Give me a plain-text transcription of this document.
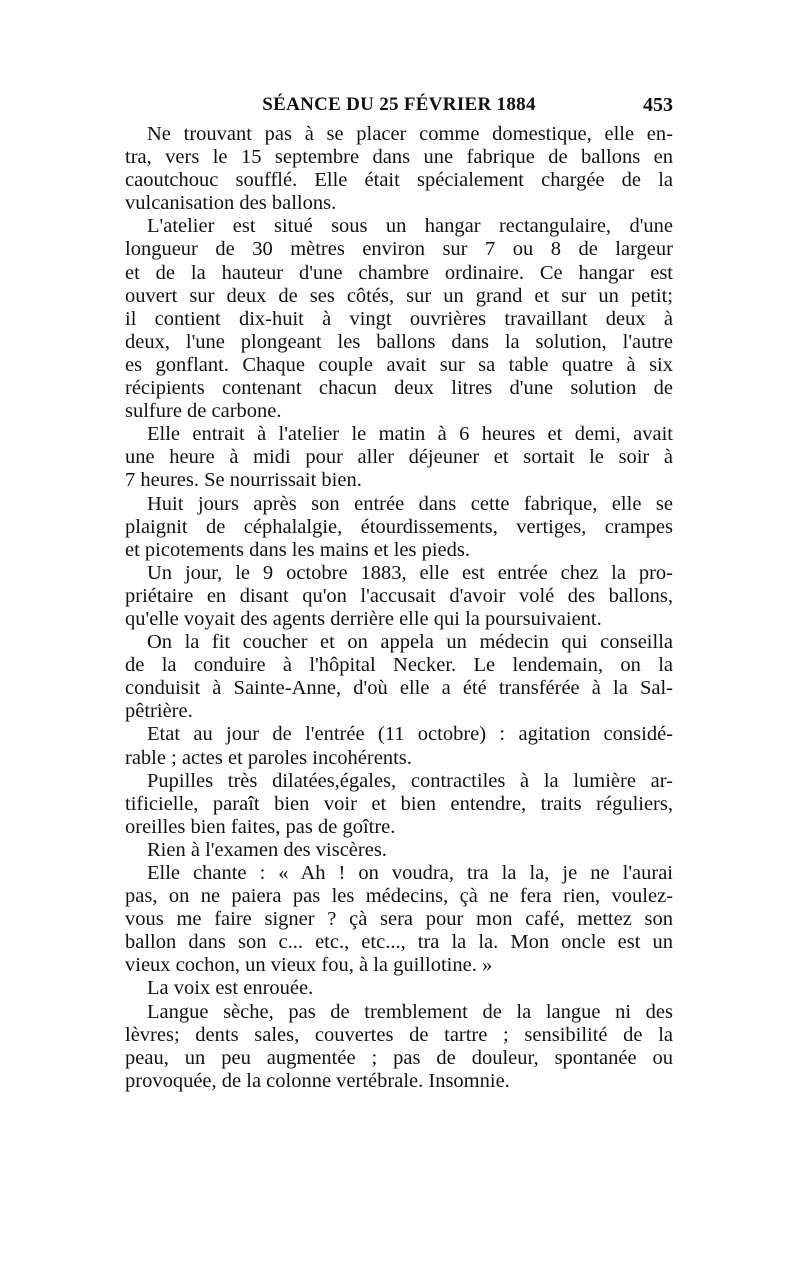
SÉANCE DU 25 FÉVRIER 1884	453
Ne trouvant pas à se placer comme domestique, elle en-
tra, vers le 15 septembre dans une fabrique de ballons en
caoutchouc soufflé. Elle était spécialement chargée de la
vulcanisation des ballons.
L'atelier est situé sous un hangar rectangulaire, d'une
longueur de 30 mètres environ sur 7 ou 8 de largeur
et de la hauteur d'une chambre ordinaire. Ce hangar est
ouvert sur deux de ses côtés, sur un grand et sur un petit;
il contient dix-huit à vingt ouvrières travaillant deux à
deux, l'une plongeant les ballons dans la solution, l'autre
es gonflant. Chaque couple avait sur sa table quatre à six
récipients contenant chacun deux litres d'une solution de
sulfure de carbone.
Elle entrait à l'atelier le matin à 6 heures et demi, avait
une heure à midi pour aller déjeuner et sortait le soir à
7 heures. Se nourrissait bien.
Huit jours après son entrée dans cette fabrique, elle se
plaignit de céphalalgie, étourdissements, vertiges, crampes
et picotements dans les mains et les pieds.
Un jour, le 9 octobre 1883, elle est entrée chez la pro-
priétaire en disant qu'on l'accusait d'avoir volé des ballons,
qu'elle voyait des agents derrière elle qui la poursuivaient.
On la fit coucher et on appela un médecin qui conseilla
de la conduire à l'hôpital Necker. Le lendemain, on la
conduisit à Sainte-Anne, d'où elle a été transférée à la Sal-
pêtrière.
Etat au jour de l'entrée (11 octobre) : agitation considé-
rable ; actes et paroles incohérents.
Pupilles très dilatées,égales, contractiles à la lumière ar-
tificielle, paraît bien voir et bien entendre, traits réguliers,
oreilles bien faites, pas de goître.
Rien à l'examen des viscères.
Elle chante : « Ah ! on voudra, tra la la, je ne l'aurai
pas, on ne paiera pas les médecins, çà ne fera rien, voulez-
vous me faire signer ? çà sera pour mon café, mettez son
ballon dans son c... etc., etc..., tra la la. Mon oncle est un
vieux cochon, un vieux fou, à la guillotine. »
La voix est enrouée.
Langue sèche, pas de tremblement de la langue ni des
lèvres; dents sales, couvertes de tartre ; sensibilité de la
peau, un peu augmentée ; pas de douleur, spontanée ou
provoquée, de la colonne vertébrale. Insomnie.
